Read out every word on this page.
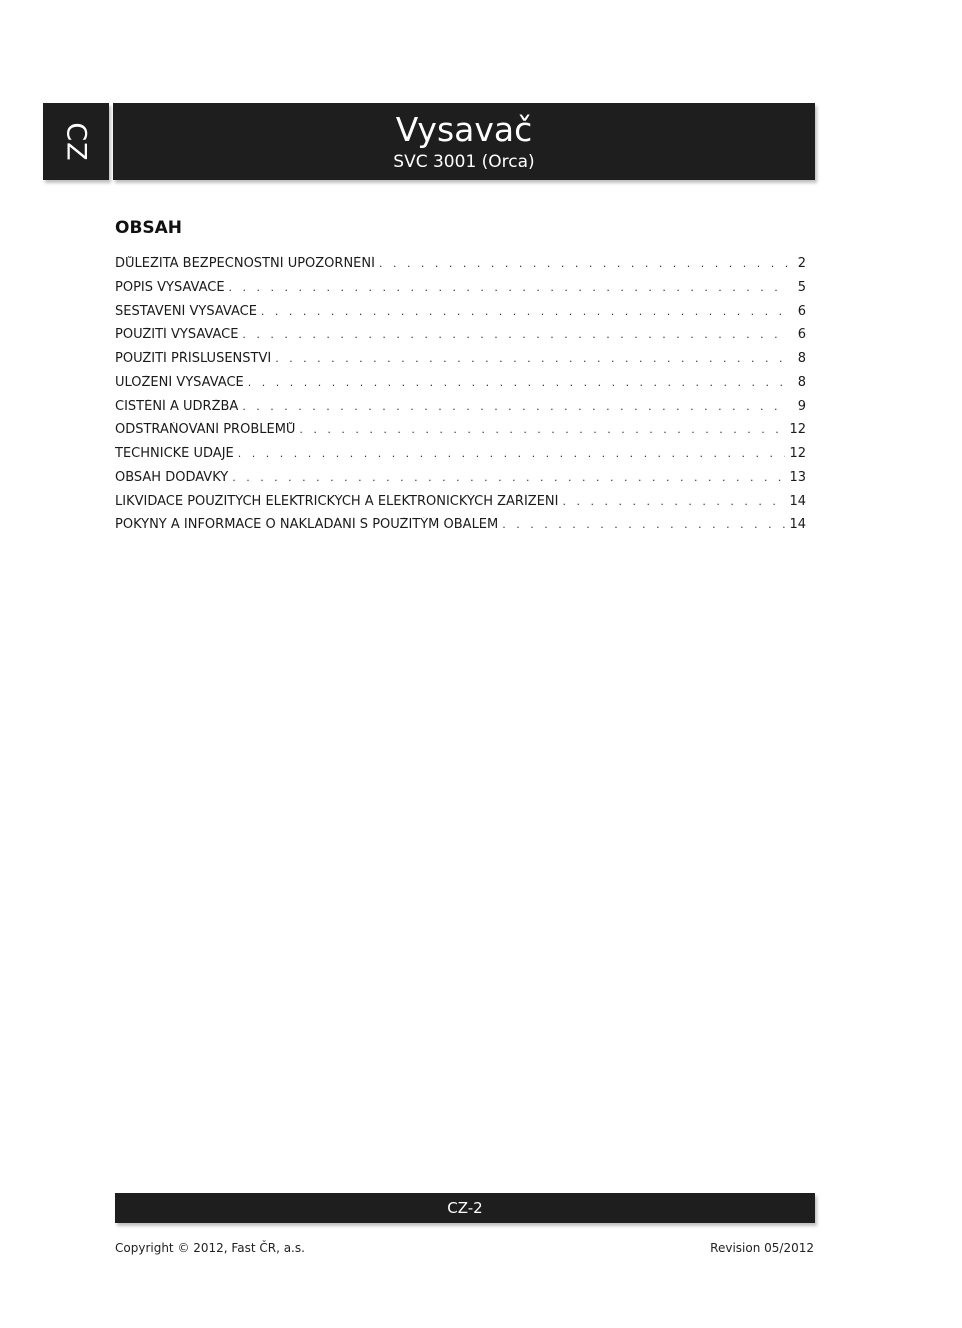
CZ	Vysavač
SVC 3001 (Orca)
OBSAH
DŮLEŽITÁ BEZPEČNOSTNÍ UPOZORNĚNÍ . . .	2
POPIS VYSAVAČE . . .	5
SESTAVENÍ VYSAVAČE . . .	6
POUŽITÍ VYSAVAČE . . .	6
POUŽITÍ PŘÍSLUŠENSTVÍ . . .	8
ULOŽENÍ VYSAVAČE . . .	8
ČIŠTĚNÍ A ÚDRŽBA . . .	9
ODSTRAŇOVÁNÍ PROBLÉMŮ . . .	12
TECHNICKÉ ÚDAJE . . .	12
OBSAH DODÁVKY . . .	13
LIKVIDACE POUŽITÝCH ELEKTRICKÝCH A ELEKTRONICKÝCH ZAŘÍZENÍ . . .	14
POKYNY A INFORMACE O NAKLÁDÁNÍ S POUŽITÝM OBALEM . . .	14
CZ-2
Copyright © 2012, Fast ČR, a.s.	Revision 05/2012
